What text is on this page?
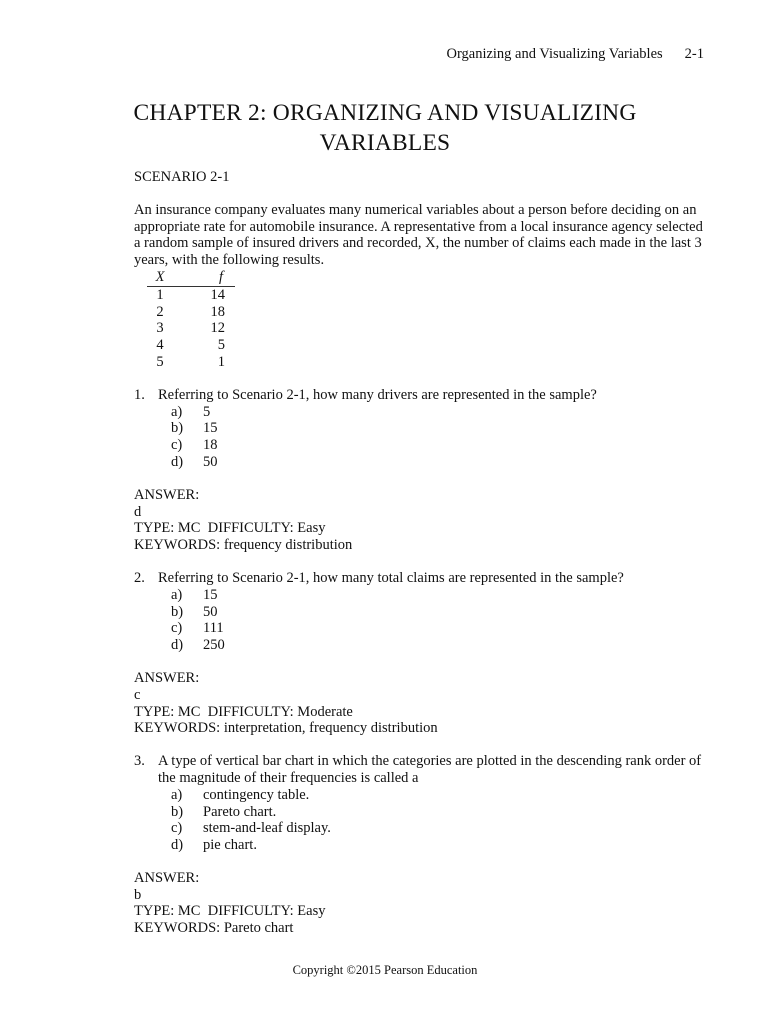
Organizing and Visualizing Variables 2-1
CHAPTER 2: ORGANIZING AND VISUALIZING
VARIABLES
SCENARIO 2-1

An insurance company evaluates many numerical variables about a person before deciding on an appropriate rate for automobile insurance. A representative from a local insurance agency selected a random sample of insured drivers and recorded, X, the number of claims each made in the last 3 years, with the following results.

X	f
1	14
2	18
3	12
4	5
5	1
1. Referring to Scenario 2-1, how many drivers are represented in the sample?
a)	5
b)	15
c)	18
d)	50
ANSWER:
d
TYPE: MC  DIFFICULTY: Easy
KEYWORDS: frequency distribution
2. Referring to Scenario 2-1, how many total claims are represented in the sample?
a)	15
b)	50
c)	111
d)	250
ANSWER:
c
TYPE: MC  DIFFICULTY: Moderate
KEYWORDS: interpretation, frequency distribution
3. A type of vertical bar chart in which the categories are plotted in the descending rank order of the magnitude of their frequencies is called a
a)	contingency table.
b)	Pareto chart.
c)	stem-and-leaf display.
d)	pie chart.
ANSWER:
b
TYPE: MC  DIFFICULTY: Easy
KEYWORDS: Pareto chart
Copyright ©2015 Pearson Education
